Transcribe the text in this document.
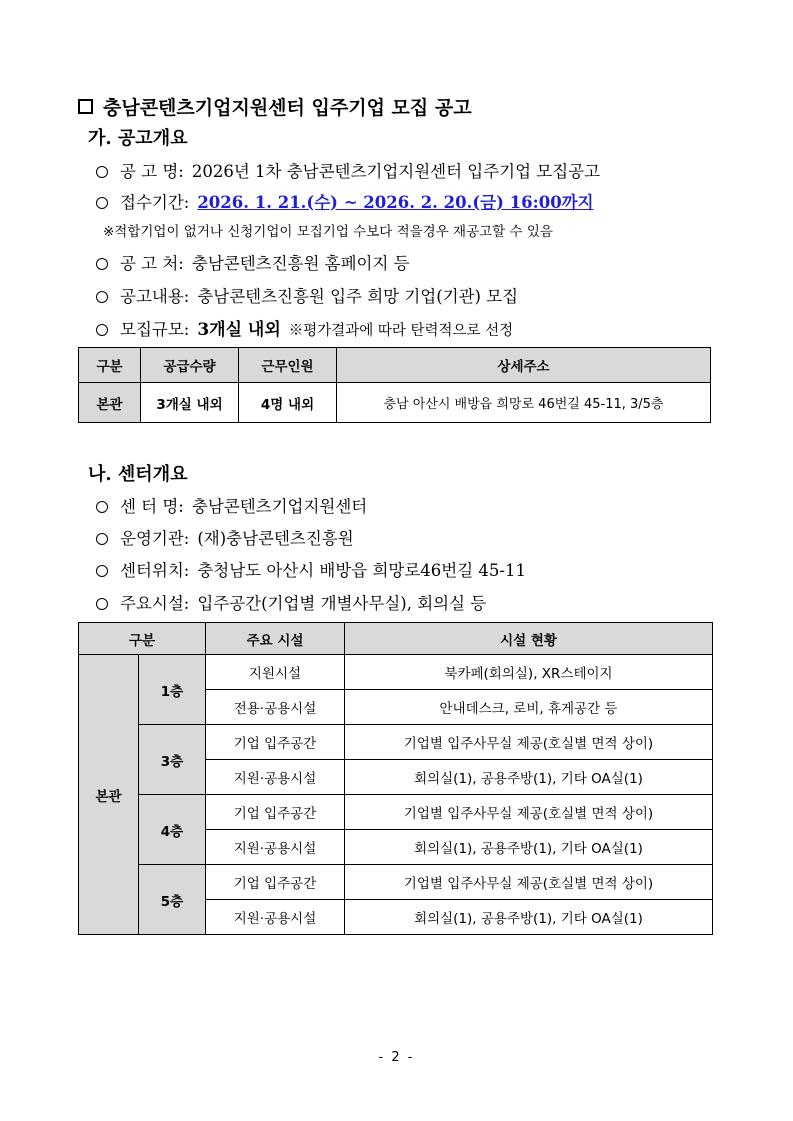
충남콘텐츠기업지원센터 입주기업 모집 공고
가. 공고개요
공 고 명: 2026년 1차 충남콘텐츠기업지원센터 입주기업 모집공고
접수기간: 2026. 1. 21.(수) ~ 2026. 2. 20.(금) 16:00까지
※적합기업이 없거나 신청기업이 모집기업 수보다 적을경우 재공고할 수 있음
공 고 처: 충남콘텐츠진흥원 홈페이지 등
공고내용: 충남콘텐츠진흥원 입주 희망 기업(기관) 모집
모집규모: 3개실 내외 ※평가결과에 따라 탄력적으로 선정
구분	공급수량	근무인원	상세주소
본관	3개실 내외	4명 내외	충남 아산시 배방읍 희망로 46번길 45-11, 3/5층
나. 센터개요
센 터 명: 충남콘텐츠기업지원센터
운영기관: (재)충남콘텐츠진흥원
센터위치: 충청남도 아산시 배방읍 희망로46번길 45-11
주요시설: 입주공간(기업별 개별사무실), 회의실 등
구분		주요 시설	시설 현황
본관	1층	지원시설	북카페(회의실), XR스테이지
		전용·공용시설	안내데스크, 로비, 휴게공간 등
	3층	기업 입주공간	기업별 입주사무실 제공(호실별 면적 상이)
		지원·공용시설	회의실(1), 공용주방(1), 기타 OA실(1)
	4층	기업 입주공간	기업별 입주사무실 제공(호실별 면적 상이)
		지원·공용시설	회의실(1), 공용주방(1), 기타 OA실(1)
	5층	기업 입주공간	기업별 입주사무실 제공(호실별 면적 상이)
		지원·공용시설	회의실(1), 공용주방(1), 기타 OA실(1)
- 2 -
